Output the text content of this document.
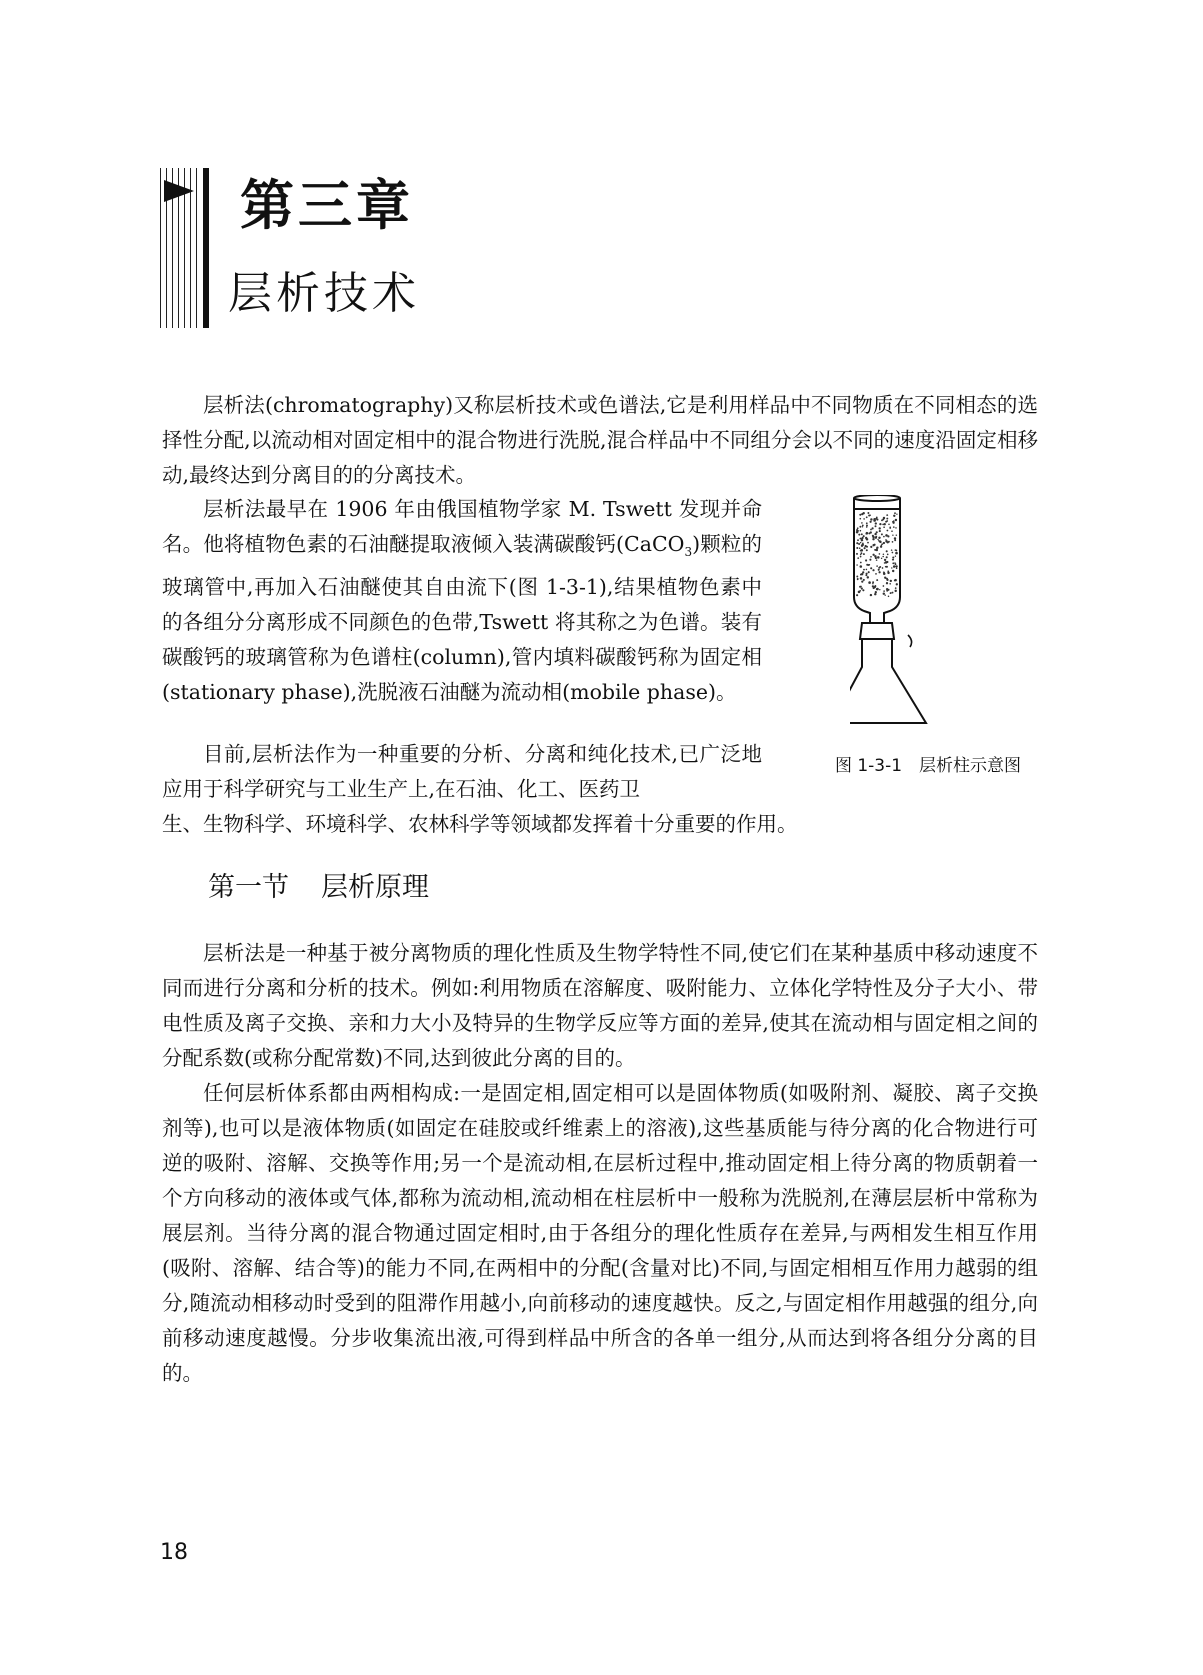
第三章
层析技术

层析法(chromatography)又称层析技术或色谱法,它是利用样品中不同物质在不同相态的选择性分配,以流动相对固定相中的混合物进行洗脱,混合样品中不同组分会以不同的速度沿固定相移动,最终达到分离目的的分离技术。

层析法最早在 1906 年由俄国植物学家 M. Tswett 发现并命名。他将植物色素的石油醚提取液倾入装满碳酸钙(CaCO$_3$)颗粒的玻璃管中,再加入石油醚使其自由流下(图 1-3-1),结果植物色素中的各组分分离形成不同颜色的色带,Tswett 将其称之为色谱。装有碳酸钙的玻璃管称为色谱柱(column),管内填料碳酸钙称为固定相(stationary phase),洗脱液石油醚为流动相(mobile phase)。

目前,层析法作为一种重要的分析、分离和纯化技术,已广泛地应用于科学研究与工业生产上,在石油、化工、医药卫

生、生物科学、环境科学、农林科学等领域都发挥着十分重要的作用。

图 1-3-1　层析柱示意图

第一节 层析原理

层析法是一种基于被分离物质的理化性质及生物学特性不同,使它们在某种基质中移动速度不同而进行分离和分析的技术。例如:利用物质在溶解度、吸附能力、立体化学特性及分子大小、带电性质及离子交换、亲和力大小及特异的生物学反应等方面的差异,使其在流动相与固定相之间的分配系数(或称分配常数)不同,达到彼此分离的目的。

任何层析体系都由两相构成:一是固定相,固定相可以是固体物质(如吸附剂、凝胶、离子交换剂等),也可以是液体物质(如固定在硅胶或纤维素上的溶液),这些基质能与待分离的化合物进行可逆的吸附、溶解、交换等作用;另一个是流动相,在层析过程中,推动固定相上待分离的物质朝着一个方向移动的液体或气体,都称为流动相,流动相在柱层析中一般称为洗脱剂,在薄层层析中常称为展层剂。当待分离的混合物通过固定相时,由于各组分的理化性质存在差异,与两相发生相互作用(吸附、溶解、结合等)的能力不同,在两相中的分配(含量对比)不同,与固定相相互作用力越弱的组分,随流动相移动时受到的阻滞作用越小,向前移动的速度越快。反之,与固定相作用越强的组分,向前移动速度越慢。分步收集流出液,可得到样品中所含的各单一组分,从而达到将各组分分离的目的。

18
